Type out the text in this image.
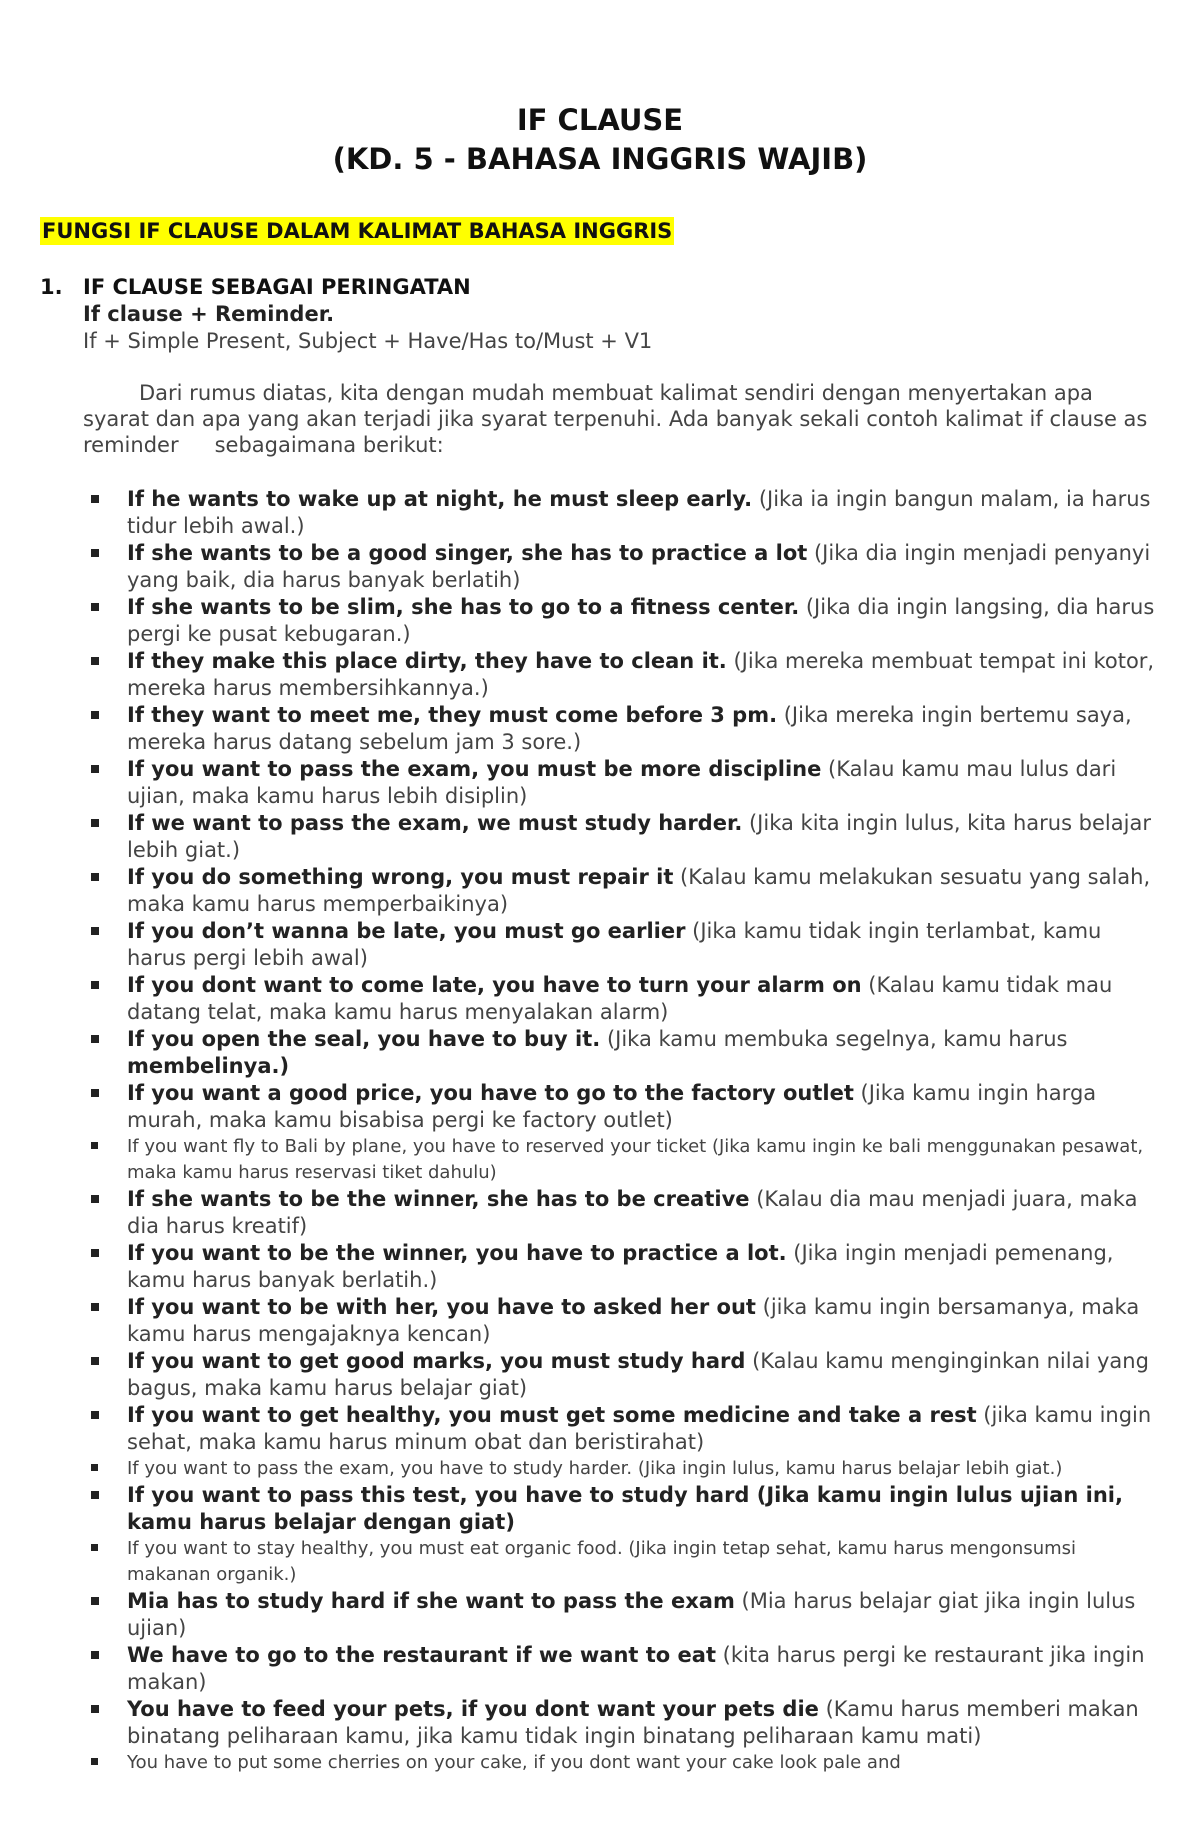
IF CLAUSE
(KD. 5 - BAHASA INGGRIS WAJIB)
FUNGSI IF CLAUSE DALAM KALIMAT BAHASA INGGRIS
1. IF CLAUSE SEBAGAI PERINGATAN
If clause + Reminder.
If + Simple Present, Subject + Have/Has to/Must + V1

Dari rumus diatas, kita dengan mudah membuat kalimat sendiri dengan menyertakan apa syarat dan apa yang akan terjadi jika syarat terpenuhi. Ada banyak sekali contoh kalimat if clause as reminder sebagaimana berikut:

If he wants to wake up at night, he must sleep early. (Jika ia ingin bangun malam, ia harus tidur lebih awal.)
If she wants to be a good singer, she has to practice a lot (Jika dia ingin menjadi penyanyi yang baik, dia harus banyak berlatih)
If she wants to be slim, she has to go to a fitness center. (Jika dia ingin langsing, dia harus pergi ke pusat kebugaran.)
If they make this place dirty, they have to clean it. (Jika mereka membuat tempat ini kotor, mereka harus membersihkannya.)
If they want to meet me, they must come before 3 pm. (Jika mereka ingin bertemu saya, mereka harus datang sebelum jam 3 sore.)
If you want to pass the exam, you must be more discipline (Kalau kamu mau lulus dari ujian, maka kamu harus lebih disiplin)
If we want to pass the exam, we must study harder. (Jika kita ingin lulus, kita harus belajar lebih giat.)
If you do something wrong, you must repair it (Kalau kamu melakukan sesuatu yang salah, maka kamu harus memperbaikinya)
If you don’t wanna be late, you must go earlier (Jika kamu tidak ingin terlambat, kamu harus pergi lebih awal)
If you dont want to come late, you have to turn your alarm on (Kalau kamu tidak mau datang telat, maka kamu harus menyalakan alarm)
If you open the seal, you have to buy it. (Jika kamu membuka segelnya, kamu harus membelinya.)
If you want a good price, you have to go to the factory outlet (Jika kamu ingin harga murah, maka kamu bisabisa pergi ke factory outlet)
If you want fly to Bali by plane, you have to reserved your ticket (Jika kamu ingin ke bali menggunakan pesawat, maka kamu harus reservasi tiket dahulu)
If she wants to be the winner, she has to be creative (Kalau dia mau menjadi juara, maka dia harus kreatif)
If you want to be the winner, you have to practice a lot. (Jika ingin menjadi pemenang, kamu harus banyak berlatih.)
If you want to be with her, you have to asked her out (jika kamu ingin bersamanya, maka kamu harus mengajaknya kencan)
If you want to get good marks, you must study hard (Kalau kamu menginginkan nilai yang bagus, maka kamu harus belajar giat)
If you want to get healthy, you must get some medicine and take a rest (jika kamu ingin sehat, maka kamu harus minum obat dan beristirahat)
If you want to pass the exam, you have to study harder. (Jika ingin lulus, kamu harus belajar lebih giat.)
If you want to pass this test, you have to study hard (Jika kamu ingin lulus ujian ini, kamu harus belajar dengan giat)
If you want to stay healthy, you must eat organic food. (Jika ingin tetap sehat, kamu harus mengonsumsi makanan organik.)
Mia has to study hard if she want to pass the exam (Mia harus belajar giat jika ingin lulus ujian)
We have to go to the restaurant if we want to eat (kita harus pergi ke restaurant jika ingin makan)
You have to feed your pets, if you dont want your pets die (Kamu harus memberi makan binatang peliharaan kamu, jika kamu tidak ingin binatang peliharaan kamu mati)
You have to put some cherries on your cake, if you dont want your cake look pale and
